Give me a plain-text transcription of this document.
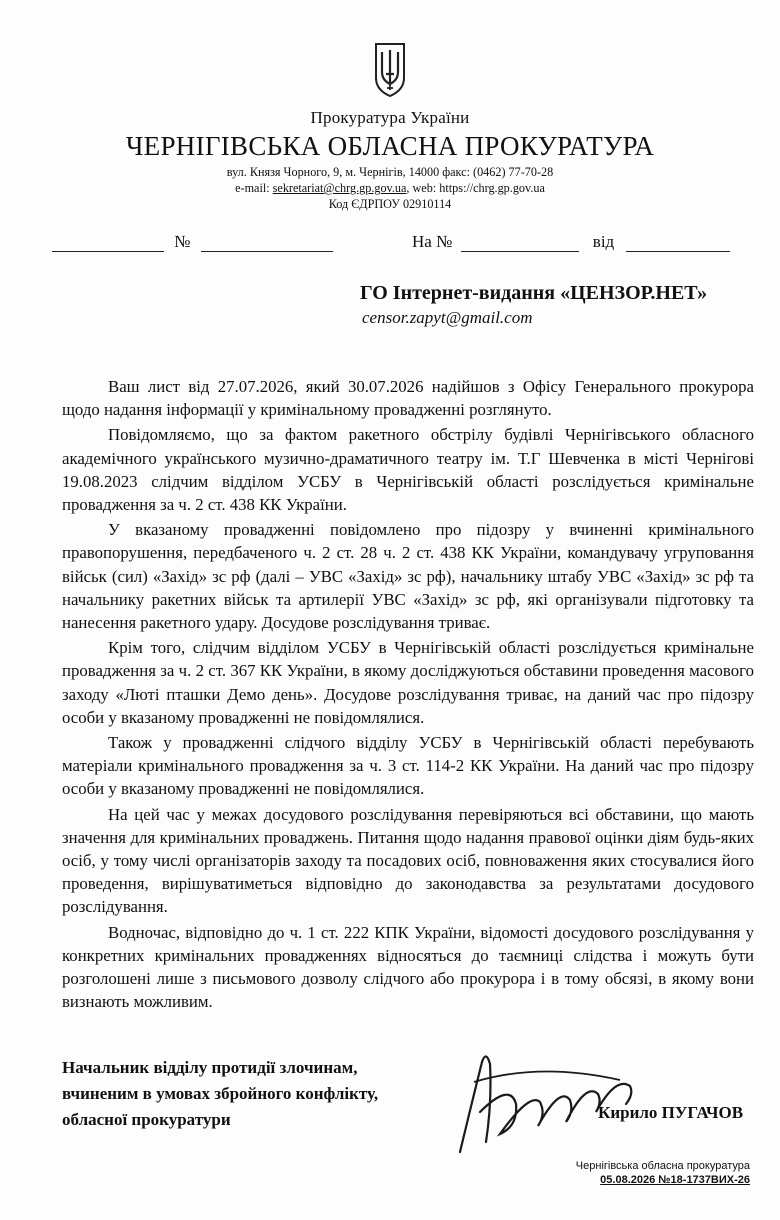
Прокуратура України
ЧЕРНІГІВСЬКА ОБЛАСНА ПРОКУРАТУРА
вул. Князя Чорного, 9, м. Чернігів, 14000 факс: (0462) 77-70-28
e-mail: sekretariat@chrg.gp.gov.ua, web: https://chrg.gp.gov.ua
Код ЄДРПОУ 02910114
№	На №	від
ГО Інтернет-видання «ЦЕНЗОР.НЕТ»
censor.zapyt@gmail.com

Ваш лист від 27.07.2026, який 30.07.2026 надійшов з Офісу Генерального прокурора щодо надання інформації у кримінальному провадженні розглянуто.

Повідомляємо, що за фактом ракетного обстрілу будівлі Чернігівського обласного академічного українського музично-драматичного театру ім. Т.Г Шевченка в місті Чернігові 19.08.2023 слідчим відділом УСБУ в Чернігівській області розслідується кримінальне провадження за ч. 2 ст. 438 КК України.

У вказаному провадженні повідомлено про підозру у вчиненні кримінального правопорушення, передбаченого ч. 2 ст. 28 ч. 2 ст. 438 КК України, командувачу угруповання військ (сил) «Захід» зс рф (далі – УВС «Захід» зс рф), начальнику штабу УВС «Захід» зс рф та начальнику ракетних військ та артилерії УВС «Захід» зс рф, які організували підготовку та нанесення ракетного удару. Досудове розслідування триває.

Крім того, слідчим відділом УСБУ в Чернігівській області розслідується кримінальне провадження за ч. 2 ст. 367 КК України, в якому досліджуються обставини проведення масового заходу «Люті пташки Демо день». Досудове розслідування триває, на даний час про підозру особи у вказаному провадженні не повідомлялися.

Також у провадженні слідчого відділу УСБУ в Чернігівській області перебувають матеріали кримінального провадження за ч. 3 ст. 114-2 КК України. На даний час про підозру особи у вказаному провадженні не повідомлялися.

На цей час у межах досудового розслідування перевіряються всі обставини, що мають значення для кримінальних проваджень. Питання щодо надання правової оцінки діям будь-яких осіб, у тому числі організаторів заходу та посадових осіб, повноваження яких стосувалися його проведення, вирішуватиметься відповідно до законодавства за результатами досудового розслідування.

Водночас, відповідно до ч. 1 ст. 222 КПК України, відомості досудового розслідування у конкретних кримінальних провадженнях відносяться до таємниці слідства і можуть бути розголошені лише з письмового дозволу слідчого або прокурора і в тому обсязі, в якому вони визнають можливим.

Начальник відділу протидії злочинам,
вчиненим в умовах збройного конфлікту,
обласної прокуратури	Кирило ПУГАЧОВ
Чернігівська обласна прокуратура
05.08.2026 №18-1737ВИХ-26
